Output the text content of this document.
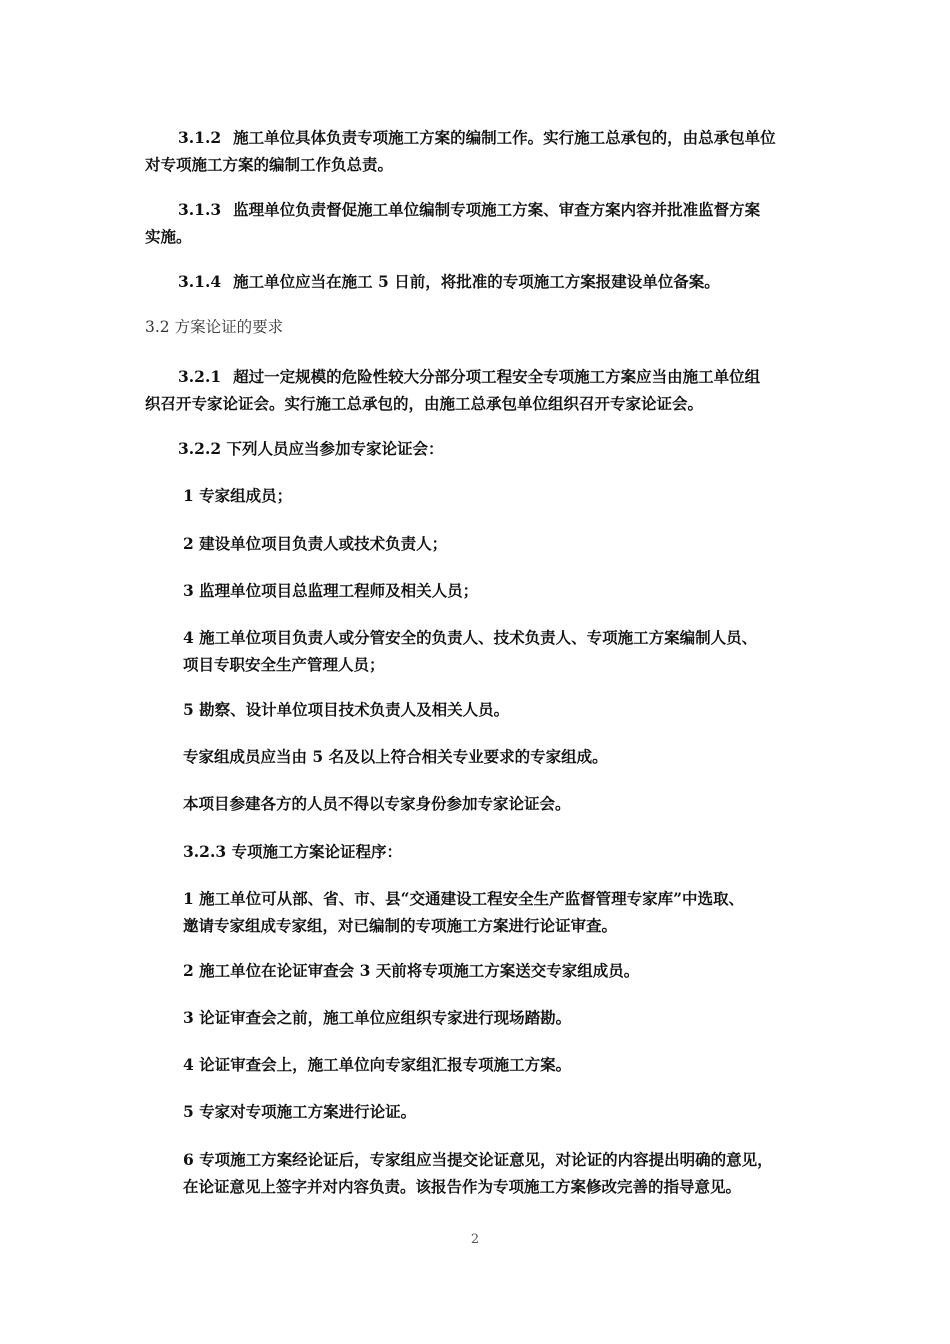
3.1.2 施工单位具体负责专项施工方案的编制工作。实行施工总承包的，由总承包单位
对专项施工方案的编制工作负总责。

3.1.3 监理单位负责督促施工单位编制专项施工方案、审查方案内容并批准监督方案
实施。

3.1.4 施工单位应当在施工 5 日前，将批准的专项施工方案报建设单位备案。

3.2 方案论证的要求

3.2.1 超过一定规模的危险性较大分部分项工程安全专项施工方案应当由施工单位组
织召开专家论证会。实行施工总承包的，由施工总承包单位组织召开专家论证会。

3.2.2 下列人员应当参加专家论证会：

1 专家组成员；

2 建设单位项目负责人或技术负责人；

3 监理单位项目总监理工程师及相关人员；

4 施工单位项目负责人或分管安全的负责人、技术负责人、专项施工方案编制人员、
项目专职安全生产管理人员；

5 勘察、设计单位项目技术负责人及相关人员。

专家组成员应当由 5 名及以上符合相关专业要求的专家组成。

本项目参建各方的人员不得以专家身份参加专家论证会。

3.2.3 专项施工方案论证程序：

1 施工单位可从部、省、市、县“交通建设工程安全生产监督管理专家库”中选取、
邀请专家组成专家组，对已编制的专项施工方案进行论证审查。

2 施工单位在论证审查会 3 天前将专项施工方案送交专家组成员。

3 论证审查会之前，施工单位应组织专家进行现场踏勘。

4 论证审查会上，施工单位向专家组汇报专项施工方案。

5 专家对专项施工方案进行论证。

6 专项施工方案经论证后，专家组应当提交论证意见，对论证的内容提出明确的意见，
在论证意见上签字并对内容负责。该报告作为专项施工方案修改完善的指导意见。

2
